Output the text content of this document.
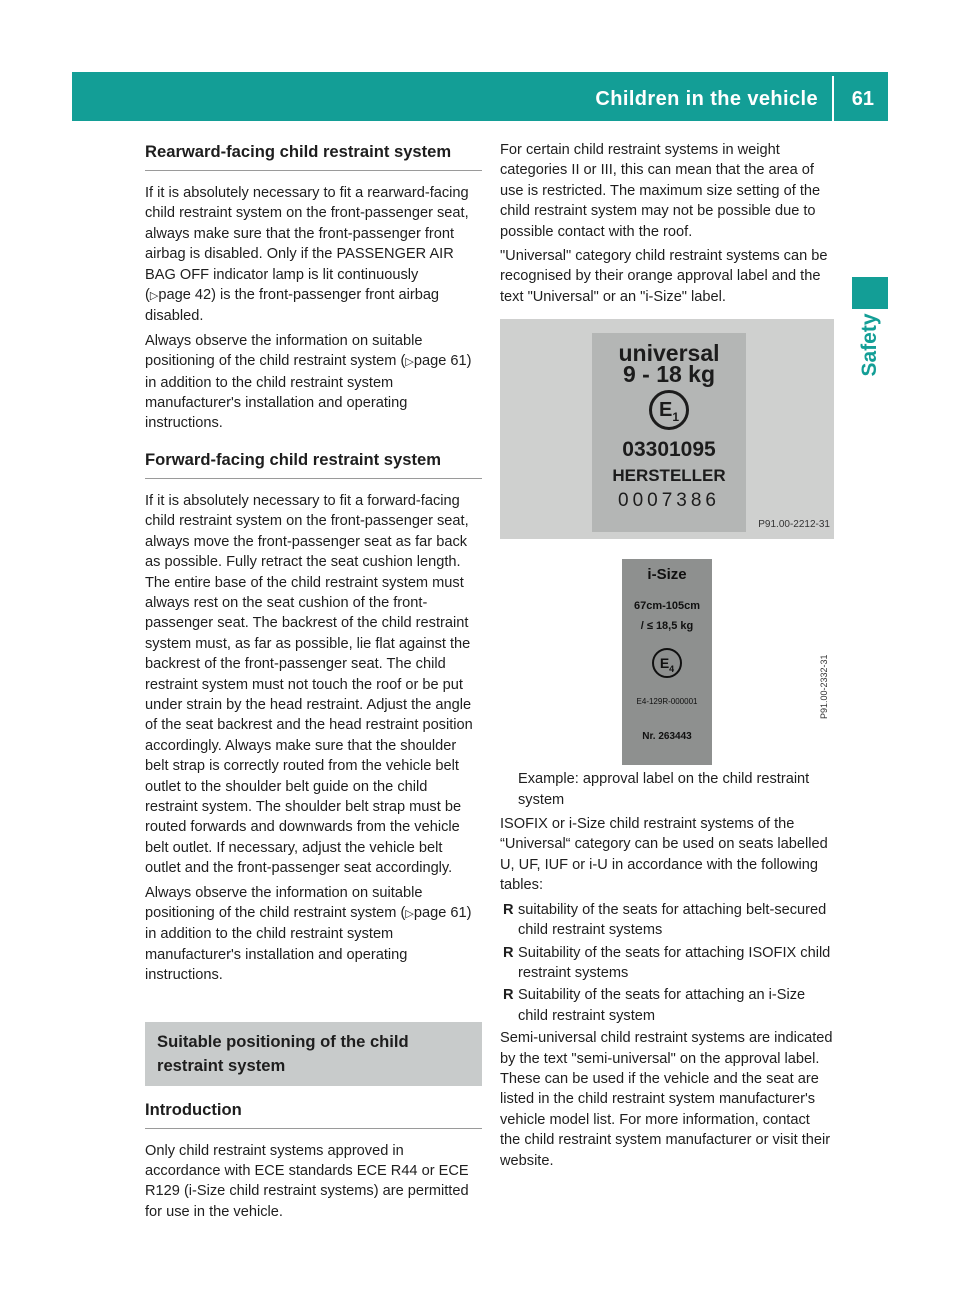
Children in the vehicle 61
Safety
Rearward-facing child restraint system

If it is absolutely necessary to fit a rearward-facing child restraint system on the front-passenger seat, always make sure that the front-passenger front airbag is disabled. Only if the PASSENGER AIR BAG OFF indicator lamp is lit continuously (▷page 42) is the front-passenger front airbag disabled.

Always observe the information on suitable positioning of the child restraint system (▷page 61) in addition to the child restraint system manufacturer's installation and operating instructions.

Forward-facing child restraint system

If it is absolutely necessary to fit a forward-facing child restraint system on the front-passenger seat, always move the front-passenger seat as far back as possible. Fully retract the seat cushion length. The entire base of the child restraint system must always rest on the seat cushion of the front-passenger seat. The backrest of the child restraint system must, as far as possible, lie flat against the backrest of the front-passenger seat. The child restraint system must not touch the roof or be put under strain by the head restraint. Adjust the angle of the seat backrest and the head restraint position accordingly. Always make sure that the shoulder belt strap is correctly routed from the vehicle belt outlet to the shoulder belt guide on the child restraint system. The shoulder belt strap must be routed forwards and downwards from the vehicle belt outlet. If necessary, adjust the vehicle belt outlet and the front-passenger seat accordingly.

Always observe the information on suitable positioning of the child restraint system (▷page 61) in addition to the child restraint system manufacturer's installation and operating instructions.

Suitable positioning of the child restraint system
Introduction

Only child restraint systems approved in accordance with ECE standards ECE R44 or ECE R129 (i-Size child restraint systems) are permitted for use in the vehicle.

For certain child restraint systems in weight categories II or III, this can mean that the area of use is restricted. The maximum size setting of the child restraint system may not be possible due to possible contact with the roof.

"Universal" category child restraint systems can be recognised by their orange approval label and the text "Universal" or an "i-Size" label.

universal
9 - 18 kg
$E_1$
03301095
HERSTELLER
0007386
P91.00-2212-31
i-Size
67cm-105cm
/ ≤ 18,5 kg
$E_4$
E4-129R-000001
Nr. 263443
P91.00-2332-31

Example: approval label on the child restraint system

ISOFIX or i-Size child restraint systems of the “Universal“ category can be used on seats labelled U, UF, IUF or i-U in accordance with the following tables:

R suitability of the seats for attaching belt-secured child restraint systems
R Suitability of the seats for attaching ISOFIX child restraint systems
R Suitability of the seats for attaching an i-Size child restraint system

Semi-universal child restraint systems are indicated by the text "semi-universal" on the approval label. These can be used if the vehicle and the seat are listed in the child restraint system manufacturer's vehicle model list. For more information, contact the child restraint system manufacturer or visit their website.
